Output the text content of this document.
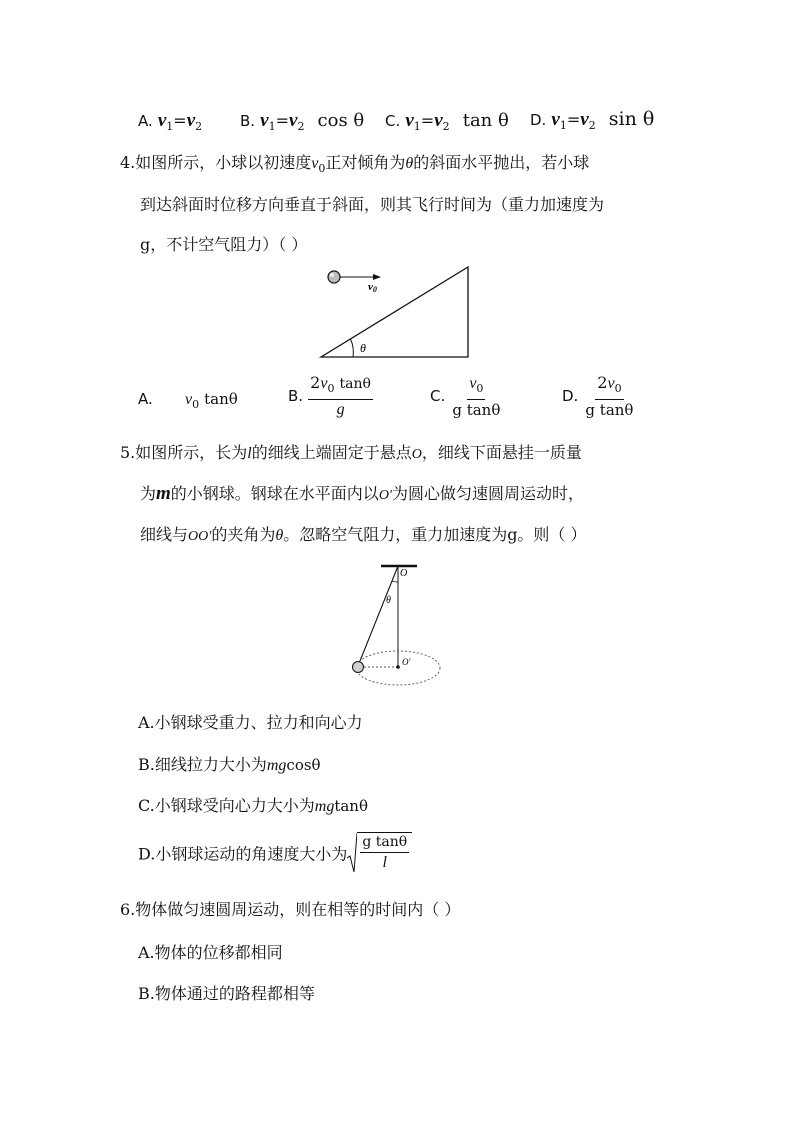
A. $v_1=v_2$	B. $v_1=v_2$ cos θ C. $v_1=v_2$ tan θ D. $v_1=v_2$ sin θ
4.如图所示，小球以初速度$v_0$正对倾角为θ的斜面水平抛出，若小球
到达斜面时位移方向垂直于斜面，则其飞行时间为（重力加速度为
g，不计空气阻力）（ ）
θ
v0
A. $v_0$ tanθ	B. $\frac{2v_0 \tan\theta}{g}$	C. $\frac{v_0}{\text{g tanθ}}$	D. $\frac{2v_0}{\text{g tanθ}}$
5.如图所示，长为l的细线上端固定于悬点O，细线下面悬挂一质量
为m的小钢球。钢球在水平面内以O′为圆心做匀速圆周运动时，
细线与OO′的夹角为θ。忽略空气阻力，重力加速度为g。则（ ）
O
θ
O′
A.小钢球受重力、拉力和向心力
B.细线拉力大小为mgcosθ
C.小钢球受向心力大小为mgtanθ
D.小钢球运动的角速度大小为 $\frac{\text{g tanθ}}{l}$
6.物体做匀速圆周运动，则在相等的时间内（ ）
A.物体的位移都相同
B.物体通过的路程都相等
